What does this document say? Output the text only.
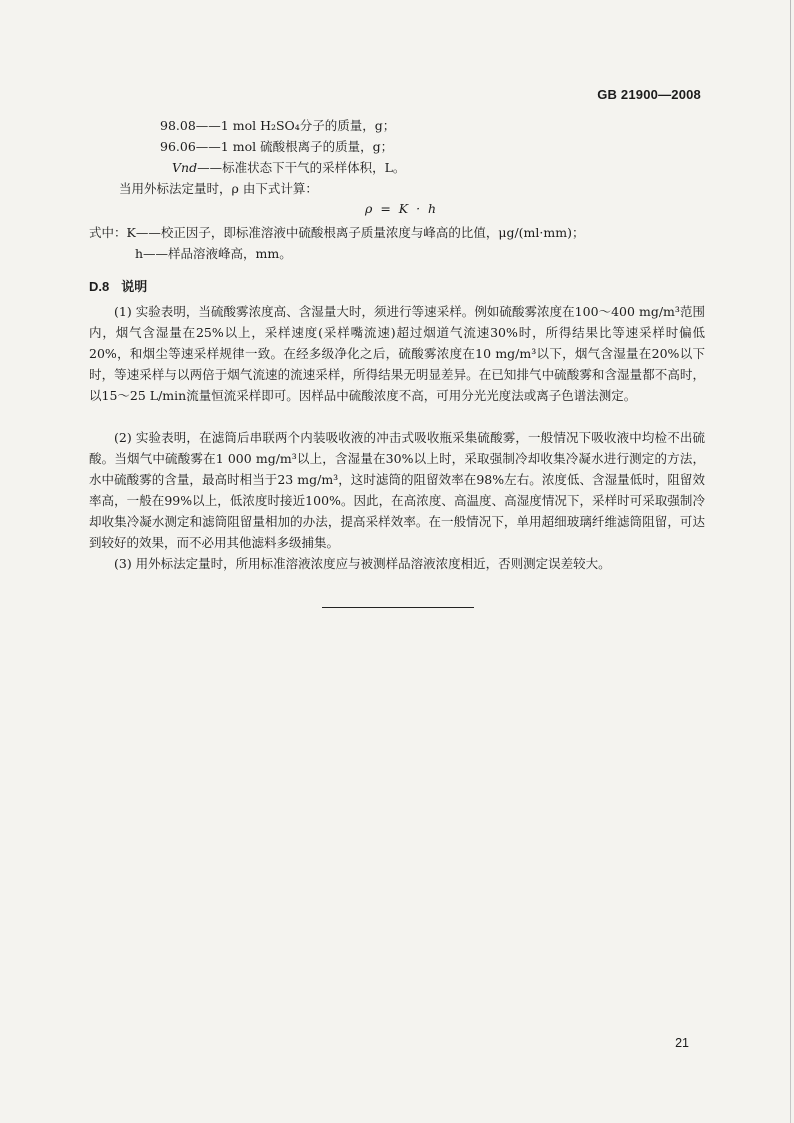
GB 21900—2008
98.08——1 mol H₂SO₄分子的质量，g；
96.06——1 mol 硫酸根离子的质量，g；
Vnd——标准状态下干气的采样体积，L。
当用外标法定量时，ρ 由下式计算：
ρ = K · h
式中：K——校正因子，即标准溶液中硫酸根离子质量浓度与峰高的比值，μg/(ml·mm)；
h——样品溶液峰高，mm。
D.8 说明

(1) 实验表明，当硫酸雾浓度高、含湿量大时，须进行等速采样。例如硫酸雾浓度在100～400 mg/m³范围内，烟气含湿量在25%以上，采样速度(采样嘴流速)超过烟道气流速30%时，所得结果比等速采样时偏低20%，和烟尘等速采样规律一致。在经多级净化之后，硫酸雾浓度在10 mg/m³以下，烟气含湿量在20%以下时，等速采样与以两倍于烟气流速的流速采样，所得结果无明显差异。在已知排气中硫酸雾和含湿量都不高时，以15～25 L/min流量恒流采样即可。因样品中硫酸浓度不高，可用分光光度法或离子色谱法测定。

(2) 实验表明，在滤筒后串联两个内装吸收液的冲击式吸收瓶采集硫酸雾，一般情况下吸收液中均检不出硫酸。当烟气中硫酸雾在1 000 mg/m³以上，含湿量在30%以上时，采取强制冷却收集冷凝水进行测定的方法，水中硫酸雾的含量，最高时相当于23 mg/m³，这时滤筒的阻留效率在98%左右。浓度低、含湿量低时，阻留效率高，一般在99%以上，低浓度时接近100%。因此，在高浓度、高温度、高湿度情况下，采样时可采取强制冷却收集冷凝水测定和滤筒阻留量相加的办法，提高采样效率。在一般情况下，单用超细玻璃纤维滤筒阻留，可达到较好的效果，而不必用其他滤料多级捕集。

(3) 用外标法定量时，所用标准溶液浓度应与被测样品溶液浓度相近，否则测定误差较大。

21
